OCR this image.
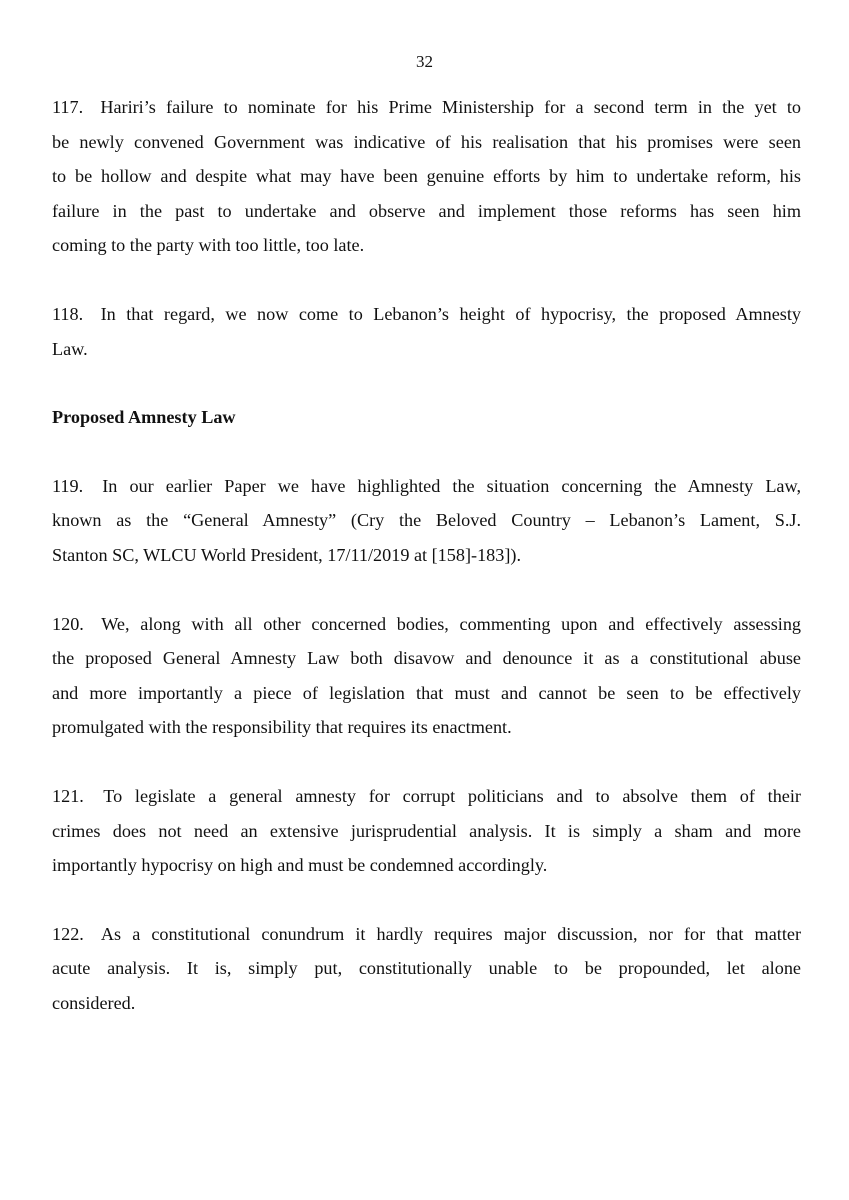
32
117. Hariri’s failure to nominate for his Prime Ministership for a second term in the yet to
be newly convened Government was indicative of his realisation that his promises were seen
to be hollow and despite what may have been genuine efforts by him to undertake reform, his
failure in the past to undertake and observe and implement those reforms has seen him
coming to the party with too little, too late.
118. In that regard, we now come to Lebanon’s height of hypocrisy, the proposed Amnesty
Law.
Proposed Amnesty Law
119. In our earlier Paper we have highlighted the situation concerning the Amnesty Law,
known as the “General Amnesty” (Cry the Beloved Country – Lebanon’s Lament, S.J.
Stanton SC, WLCU World President, 17/11/2019 at [158]-183]).
120. We, along with all other concerned bodies, commenting upon and effectively assessing
the proposed General Amnesty Law both disavow and denounce it as a constitutional abuse
and more importantly a piece of legislation that must and cannot be seen to be effectively
promulgated with the responsibility that requires its enactment.
121. To legislate a general amnesty for corrupt politicians and to absolve them of their
crimes does not need an extensive jurisprudential analysis. It is simply a sham and more
importantly hypocrisy on high and must be condemned accordingly.
122. As a constitutional conundrum it hardly requires major discussion, nor for that matter
acute analysis. It is, simply put, constitutionally unable to be propounded, let alone
considered.
